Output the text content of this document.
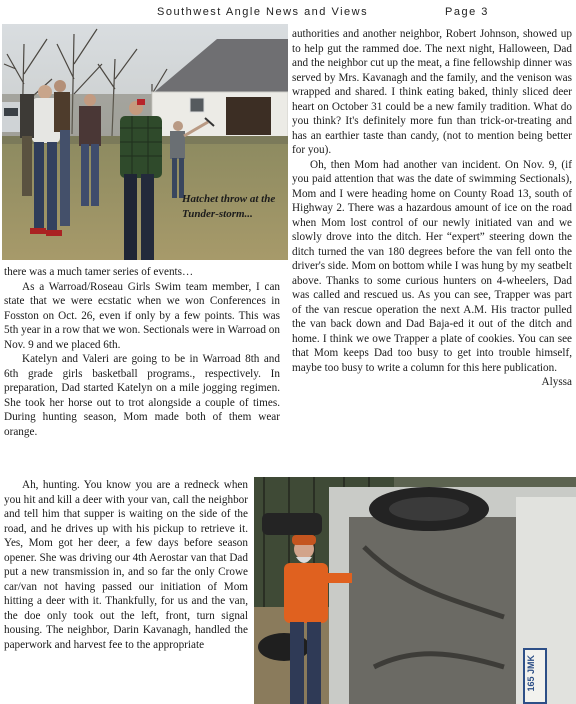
Southwest Angle News and Views	Page 3
Hatchet throw at the Tunder-storm...

there was a much tamer series of events…

As a Warroad/Roseau Girls Swim team member, I can state that we were ecstatic when we won Conferences in Fosston on Oct. 26, even if only by a few points. This was 5th year in a row that we won. Sectionals were in Warroad on Nov. 9 and we placed 6th.

Katelyn and Valeri are going to be in Warroad 8th and 6th grade girls basketball programs., respectively. In preparation, Dad started Katelyn on a mile jogging regimen. She took her horse out to trot alongside a couple of times. During hunting season, Mom made both of them wear orange.

Ah, hunting. You know you are a redneck when you hit and kill a deer with your van, call the neighbor and tell him that supper is waiting on the side of the road, and he drives up with his pickup to retrieve it. Yes, Mom got her deer, a few days before season opener. She was driving our 4th Aerostar van that Dad put a new transmission in, and so far the only Crowe car/van not having passed our initiation of Mom hitting a deer with it. Thankfully, for us and the van, the doe only took out the left, front, turn signal housing. The neighbor, Darin Kavanagh, handled the paperwork and harvest fee to the appropriate

authorities and another neighbor, Robert Johnson, showed up to help gut the rammed doe. The next night, Halloween, Dad and the neighbor cut up the meat, a fine fellowship dinner was served by Mrs. Kavanagh and the family, and the venison was wrapped and shared. I think eating baked, thinly sliced deer heart on October 31 could be a new family tradition. What do you think? It's definitely more fun than trick-or-treating and has an earthier taste than candy, (not to mention being better for you).

Oh, then Mom had another van incident. On Nov. 9, (if you paid attention that was the date of swimming Sectionals), Mom and I were heading home on County Road 13, south of Highway 2. There was a hazardous amount of ice on the road when Mom lost control of our newly initiated van and we slowly drove into the ditch. Her “expert” steering down the ditch turned the van 180 degrees before the van fell onto the driver's side. Mom on bottom while I was hung by my seatbelt above. Thanks to some curious hunters on 4-wheelers, Dad was called and rescued us. As you can see, Trapper was part of the van rescue operation the next A.M. His tractor pulled the van back down and Dad Baja-ed it out of the ditch and home. I think we owe Trapper a plate of cookies. You can see that Mom keeps Dad too busy to get into trouble himself, maybe too busy to write a column for this here publication.
Alyssa

165 JMK
